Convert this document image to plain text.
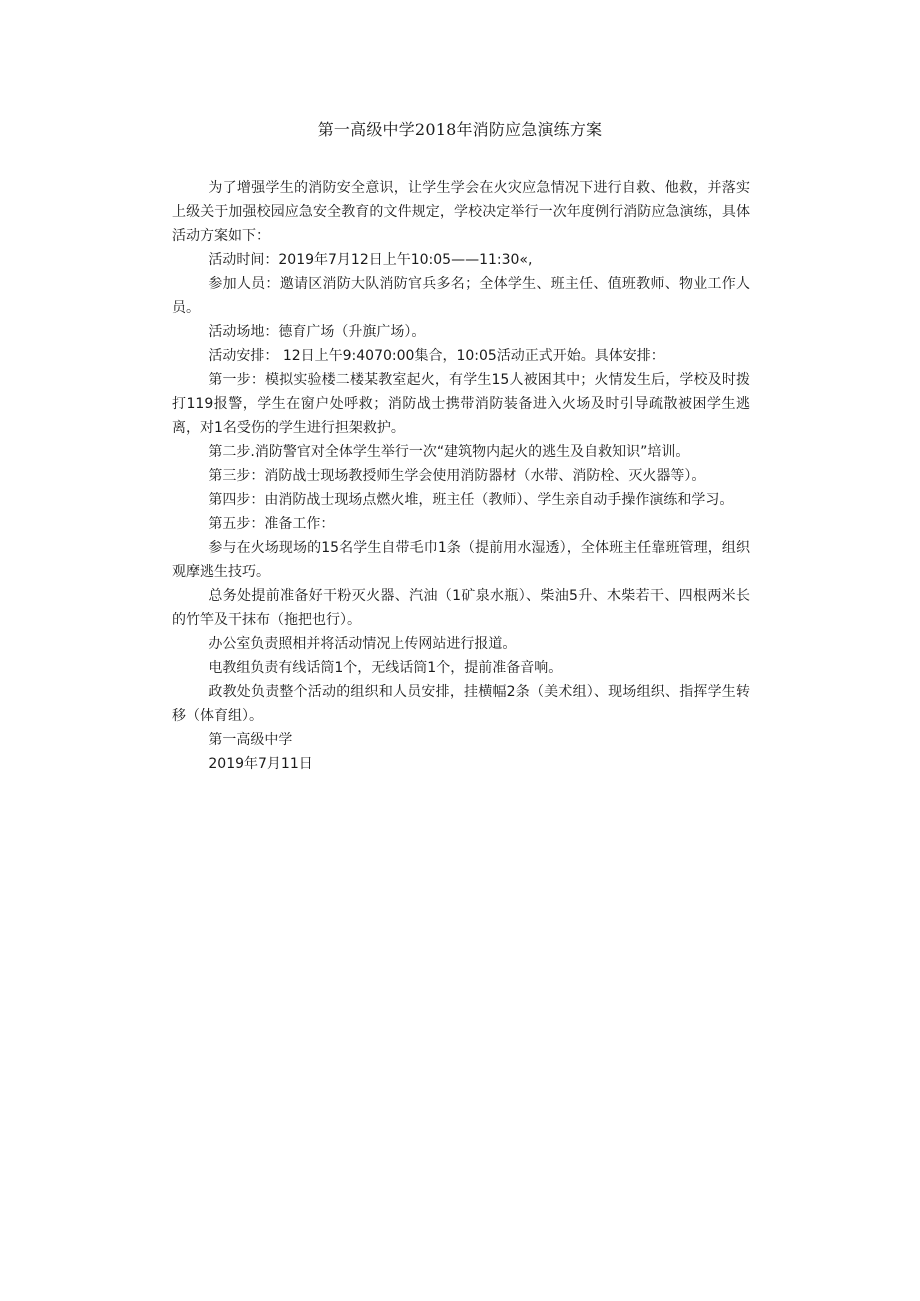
第一高级中学2018年消防应急演练方案

为了增强学生的消防安全意识，让学生学会在火灾应急情况下进行自救、他救，并落实上级关于加强校园应急安全教育的文件规定，学校决定举行一次年度例行消防应急演练，具体活动方案如下：

活动时间：2019年7月12日上午10:05——11:30«,

参加人员：邀请区消防大队消防官兵多名；全体学生、班主任、值班教师、物业工作人员。

活动场地：德育广场（升旗广场）。

活动安排： 12日上午9:4070:00集合，10:05活动正式开始。具体安排：

第一步：模拟实验楼二楼某教室起火，有学生15人被困其中；火情发生后，学校及时拨打119报警，学生在窗户处呼救；消防战士携带消防装备进入火场及时引导疏散被困学生逃离，对1名受伤的学生进行担架救护。

第二步.消防警官对全体学生举行一次“建筑物内起火的逃生及自救知识”培训。

第三步：消防战士现场教授师生学会使用消防器材（水带、消防栓、灭火器等）。

第四步：由消防战士现场点燃火堆，班主任（教师）、学生亲自动手操作演练和学习。

第五步：准备工作：

参与在火场现场的15名学生自带毛巾1条（提前用水湿透），全体班主任靠班管理，组织观摩逃生技巧。

总务处提前准备好干粉灭火器、汽油（1矿泉水瓶）、柴油5升、木柴若干、四根两米长的竹竿及干抹布（拖把也行）。

办公室负责照相并将活动情况上传网站进行报道。

电教组负责有线话筒1个，无线话筒1个，提前准备音响。

政教处负责整个活动的组织和人员安排，挂横幅2条（美术组）、现场组织、指挥学生转移（体育组）。

第一高级中学

2019年7月11日
